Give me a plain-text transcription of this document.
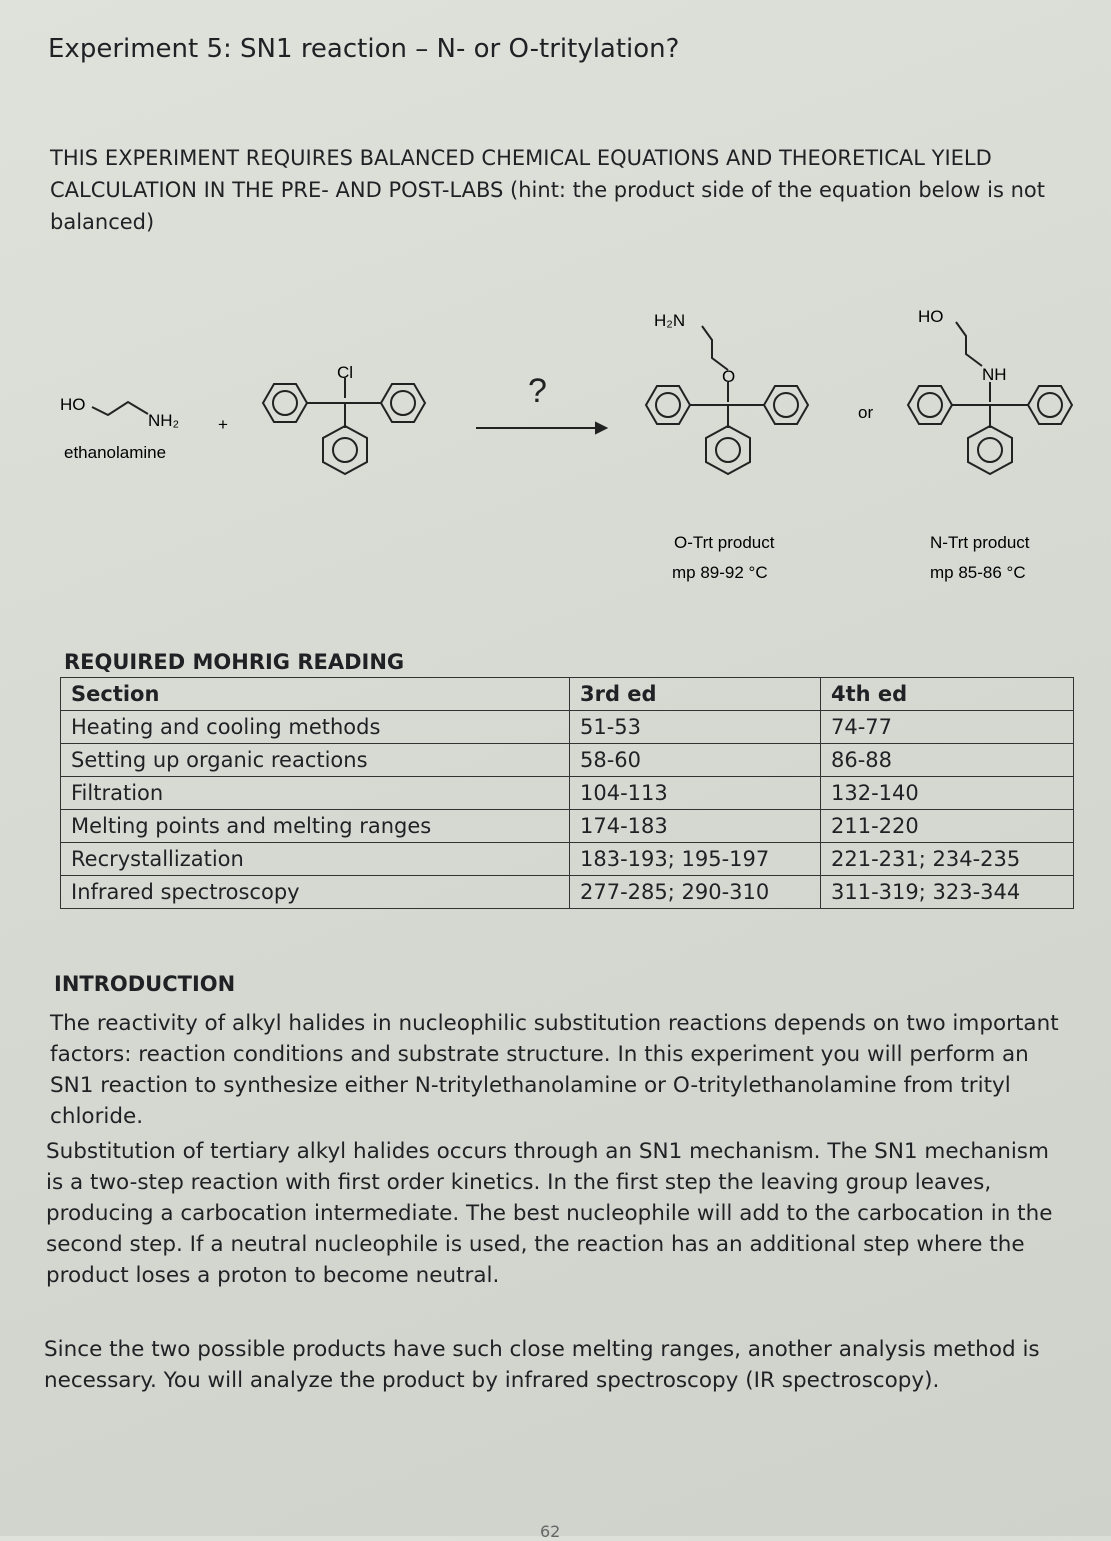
Experiment 5: SN1 reaction – N- or O-tritylation?
THIS EXPERIMENT REQUIRES BALANCED CHEMICAL EQUATIONS AND THEORETICAL YIELD CALCULATION IN THE PRE- AND POST-LABS (hint: the product side of the equation below is not balanced)
HO
NH₂
ethanolamine
+
Cl	?
H₂N
O
or
HO
NH
O-Trt product
mp 89-92 °C
N-Trt product
mp 85-86 °C
REQUIRED MOHRIG READING
Section	3rd ed	4th ed
Heating and cooling methods	51-53	74-77
Setting up organic reactions	58-60	86-88
Filtration	104-113	132-140
Melting points and melting ranges	174-183	211-220
Recrystallization	183-193; 195-197	221-231; 234-235
Infrared spectroscopy	277-285; 290-310	311-319; 323-344
INTRODUCTION
The reactivity of alkyl halides in nucleophilic substitution reactions depends on two important factors: reaction conditions and substrate structure. In this experiment you will perform an SN1 reaction to synthesize either N-tritylethanolamine or O-tritylethanolamine from trityl chloride.
Substitution of tertiary alkyl halides occurs through an SN1 mechanism. The SN1 mechanism is a two-step reaction with first order kinetics. In the first step the leaving group leaves, producing a carbocation intermediate. The best nucleophile will add to the carbocation in the second step. If a neutral nucleophile is used, the reaction has an additional step where the product loses a proton to become neutral.
Since the two possible products have such close melting ranges, another analysis method is necessary. You will analyze the product by infrared spectroscopy (IR spectroscopy).
62
